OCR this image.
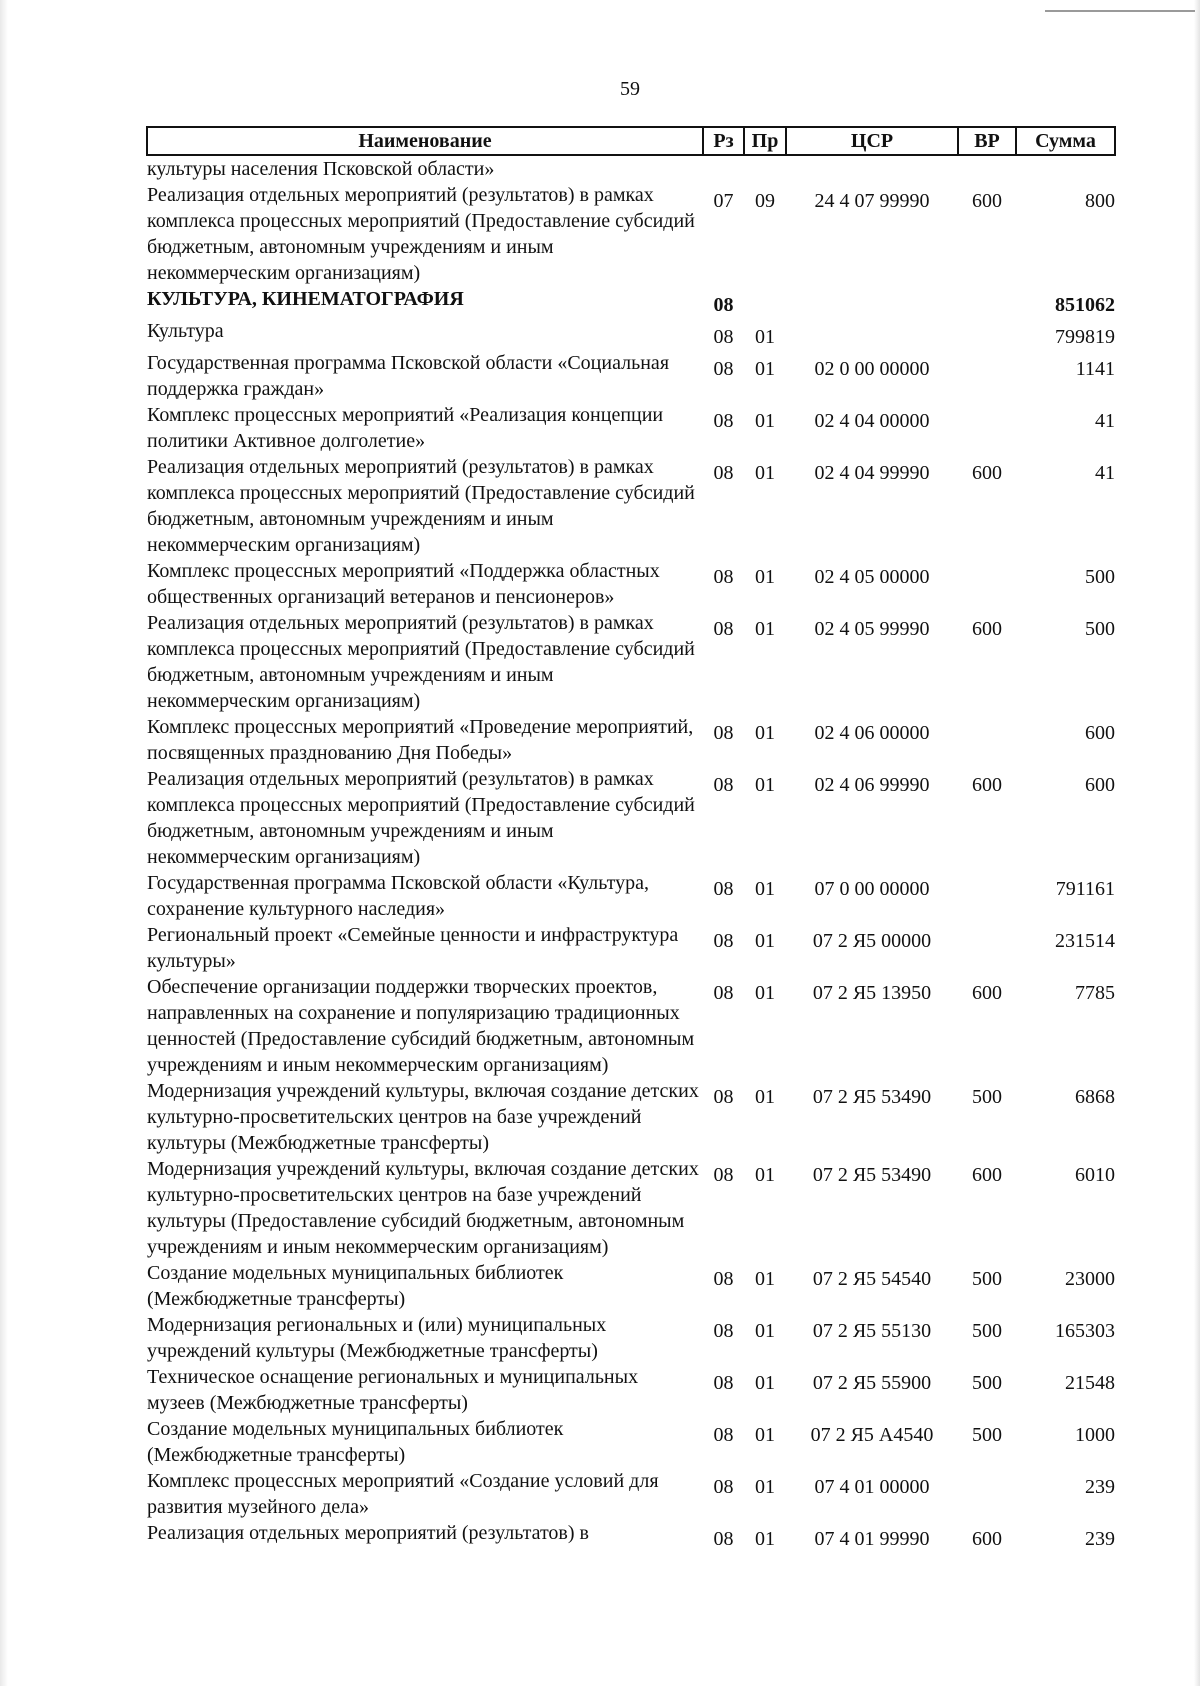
59
Наименование	Рз	Пр	ЦСР	ВР	Сумма
культуры населения Псковской области»					
Реализация отдельных мероприятий (результатов) в рамках комплекса процессных мероприятий (Предоставление субсидий бюджетным, автономным учреждениям и иным некоммерческим организациям)	07	09	24 4 07 99990	600	800
КУЛЬТУРА, КИНЕМАТОГРАФИЯ	08				851062
Культура	08	01			799819
Государственная программа Псковской области «Социальная поддержка граждан»	08	01	02 0 00 00000		1141
Комплекс процессных мероприятий «Реализация концепции политики Активное долголетие»	08	01	02 4 04 00000		41
Реализация отдельных мероприятий (результатов) в рамках комплекса процессных мероприятий (Предоставление субсидий бюджетным, автономным учреждениям и иным некоммерческим организациям)	08	01	02 4 04 99990	600	41
Комплекс процессных мероприятий «Поддержка областных общественных организаций ветеранов и пенсионеров»	08	01	02 4 05 00000		500
Реализация отдельных мероприятий (результатов) в рамках комплекса процессных мероприятий (Предоставление субсидий бюджетным, автономным учреждениям и иным некоммерческим организациям)	08	01	02 4 05 99990	600	500
Комплекс процессных мероприятий «Проведение мероприятий, посвященных празднованию Дня Победы»	08	01	02 4 06 00000		600
Реализация отдельных мероприятий (результатов) в рамках комплекса процессных мероприятий (Предоставление субсидий бюджетным, автономным учреждениям и иным некоммерческим организациям)	08	01	02 4 06 99990	600	600
Государственная программа Псковской области «Культура, сохранение культурного наследия»	08	01	07 0 00 00000		791161
Региональный проект «Семейные ценности и инфраструктура культуры»	08	01	07 2 Я5 00000		231514
Обеспечение организации поддержки творческих проектов, направленных на сохранение и популяризацию традиционных ценностей (Предоставление субсидий бюджетным, автономным учреждениям и иным некоммерческим организациям)	08	01	07 2 Я5 13950	600	7785
Модернизация учреждений культуры, включая создание детских культурно-просветительских центров на базе учреждений культуры (Межбюджетные трансферты)	08	01	07 2 Я5 53490	500	6868
Модернизация учреждений культуры, включая создание детских культурно-просветительских центров на базе учреждений культуры (Предоставление субсидий бюджетным, автономным учреждениям и иным некоммерческим организациям)	08	01	07 2 Я5 53490	600	6010
Создание модельных муниципальных библиотек (Межбюджетные трансферты)	08	01	07 2 Я5 54540	500	23000
Модернизация региональных и (или) муниципальных учреждений культуры (Межбюджетные трансферты)	08	01	07 2 Я5 55130	500	165303
Техническое оснащение региональных и муниципальных музеев (Межбюджетные трансферты)	08	01	07 2 Я5 55900	500	21548
Создание модельных муниципальных библиотек (Межбюджетные трансферты)	08	01	07 2 Я5 А4540	500	1000
Комплекс процессных мероприятий «Создание условий для развития музейного дела»	08	01	07 4 01 00000		239
Реализация отдельных мероприятий (результатов) в	08	01	07 4 01 99990	600	239
